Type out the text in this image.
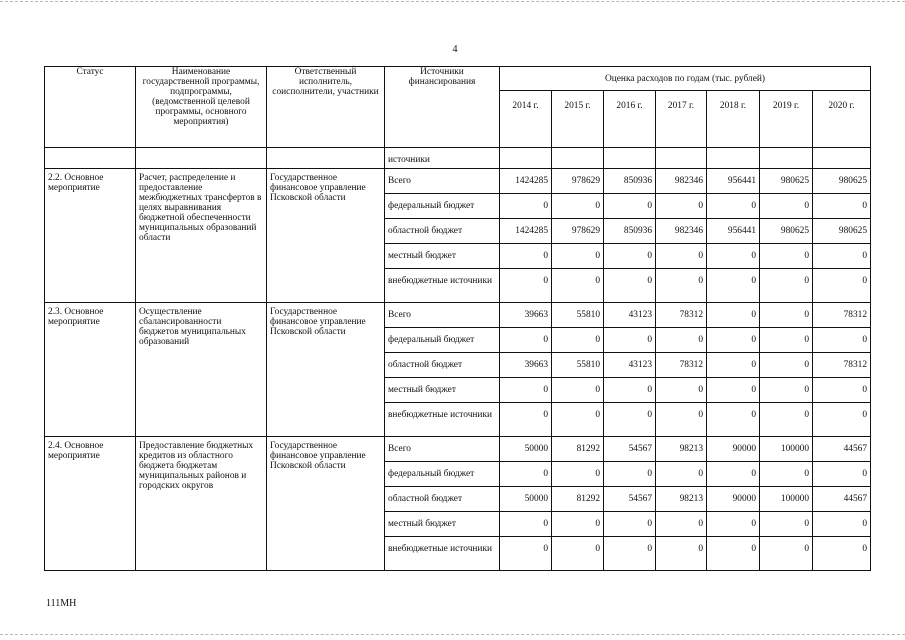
4
Статус	Наименование государственной программы, подпрограммы, (ведомственной целевой программы, основного мероприятия)	Ответственный исполнитель, соисполнители, участники	Источники финансирования	Оценка расходов по годам (тыс. рублей)						
				2014 г.	2015 г.	2016 г.	2017 г.	2018 г.	2019 г.	2020 г.
			источники							
2.2. Основное мероприятие	Расчет, распределение и предоставление межбюджетных трансфертов в целях выравнивания бюджетной обеспеченности муниципальных образований области	Государственное финансовое управление Псковской области	Всего	1424285	978629	850936	982346	956441	980625	980625
			федеральный бюджет	0	0	0	0	0	0	0
			областной бюджет	1424285	978629	850936	982346	956441	980625	980625
			местный бюджет	0	0	0	0	0	0	0
			внебюджетные источники	0	0	0	0	0	0	0
2.3. Основное мероприятие	Осуществление сбалансированности бюджетов муниципальных образований	Государственное финансовое управление Псковской области	Всего	39663	55810	43123	78312	0	0	78312
			федеральный бюджет	0	0	0	0	0	0	0
			областной бюджет	39663	55810	43123	78312	0	0	78312
			местный бюджет	0	0	0	0	0	0	0
			внебюджетные источники	0	0	0	0	0	0	0
2.4. Основное мероприятие	Предоставление бюджетных кредитов из областного бюджета бюджетам муниципальных районов и городских округов	Государственное финансовое управление Псковской области	Всего	50000	81292	54567	98213	90000	100000	44567
			федеральный бюджет	0	0	0	0	0	0	0
			областной бюджет	50000	81292	54567	98213	90000	100000	44567
			местный бюджет	0	0	0	0	0	0	0
			внебюджетные источники	0	0	0	0	0	0	0
111МН
